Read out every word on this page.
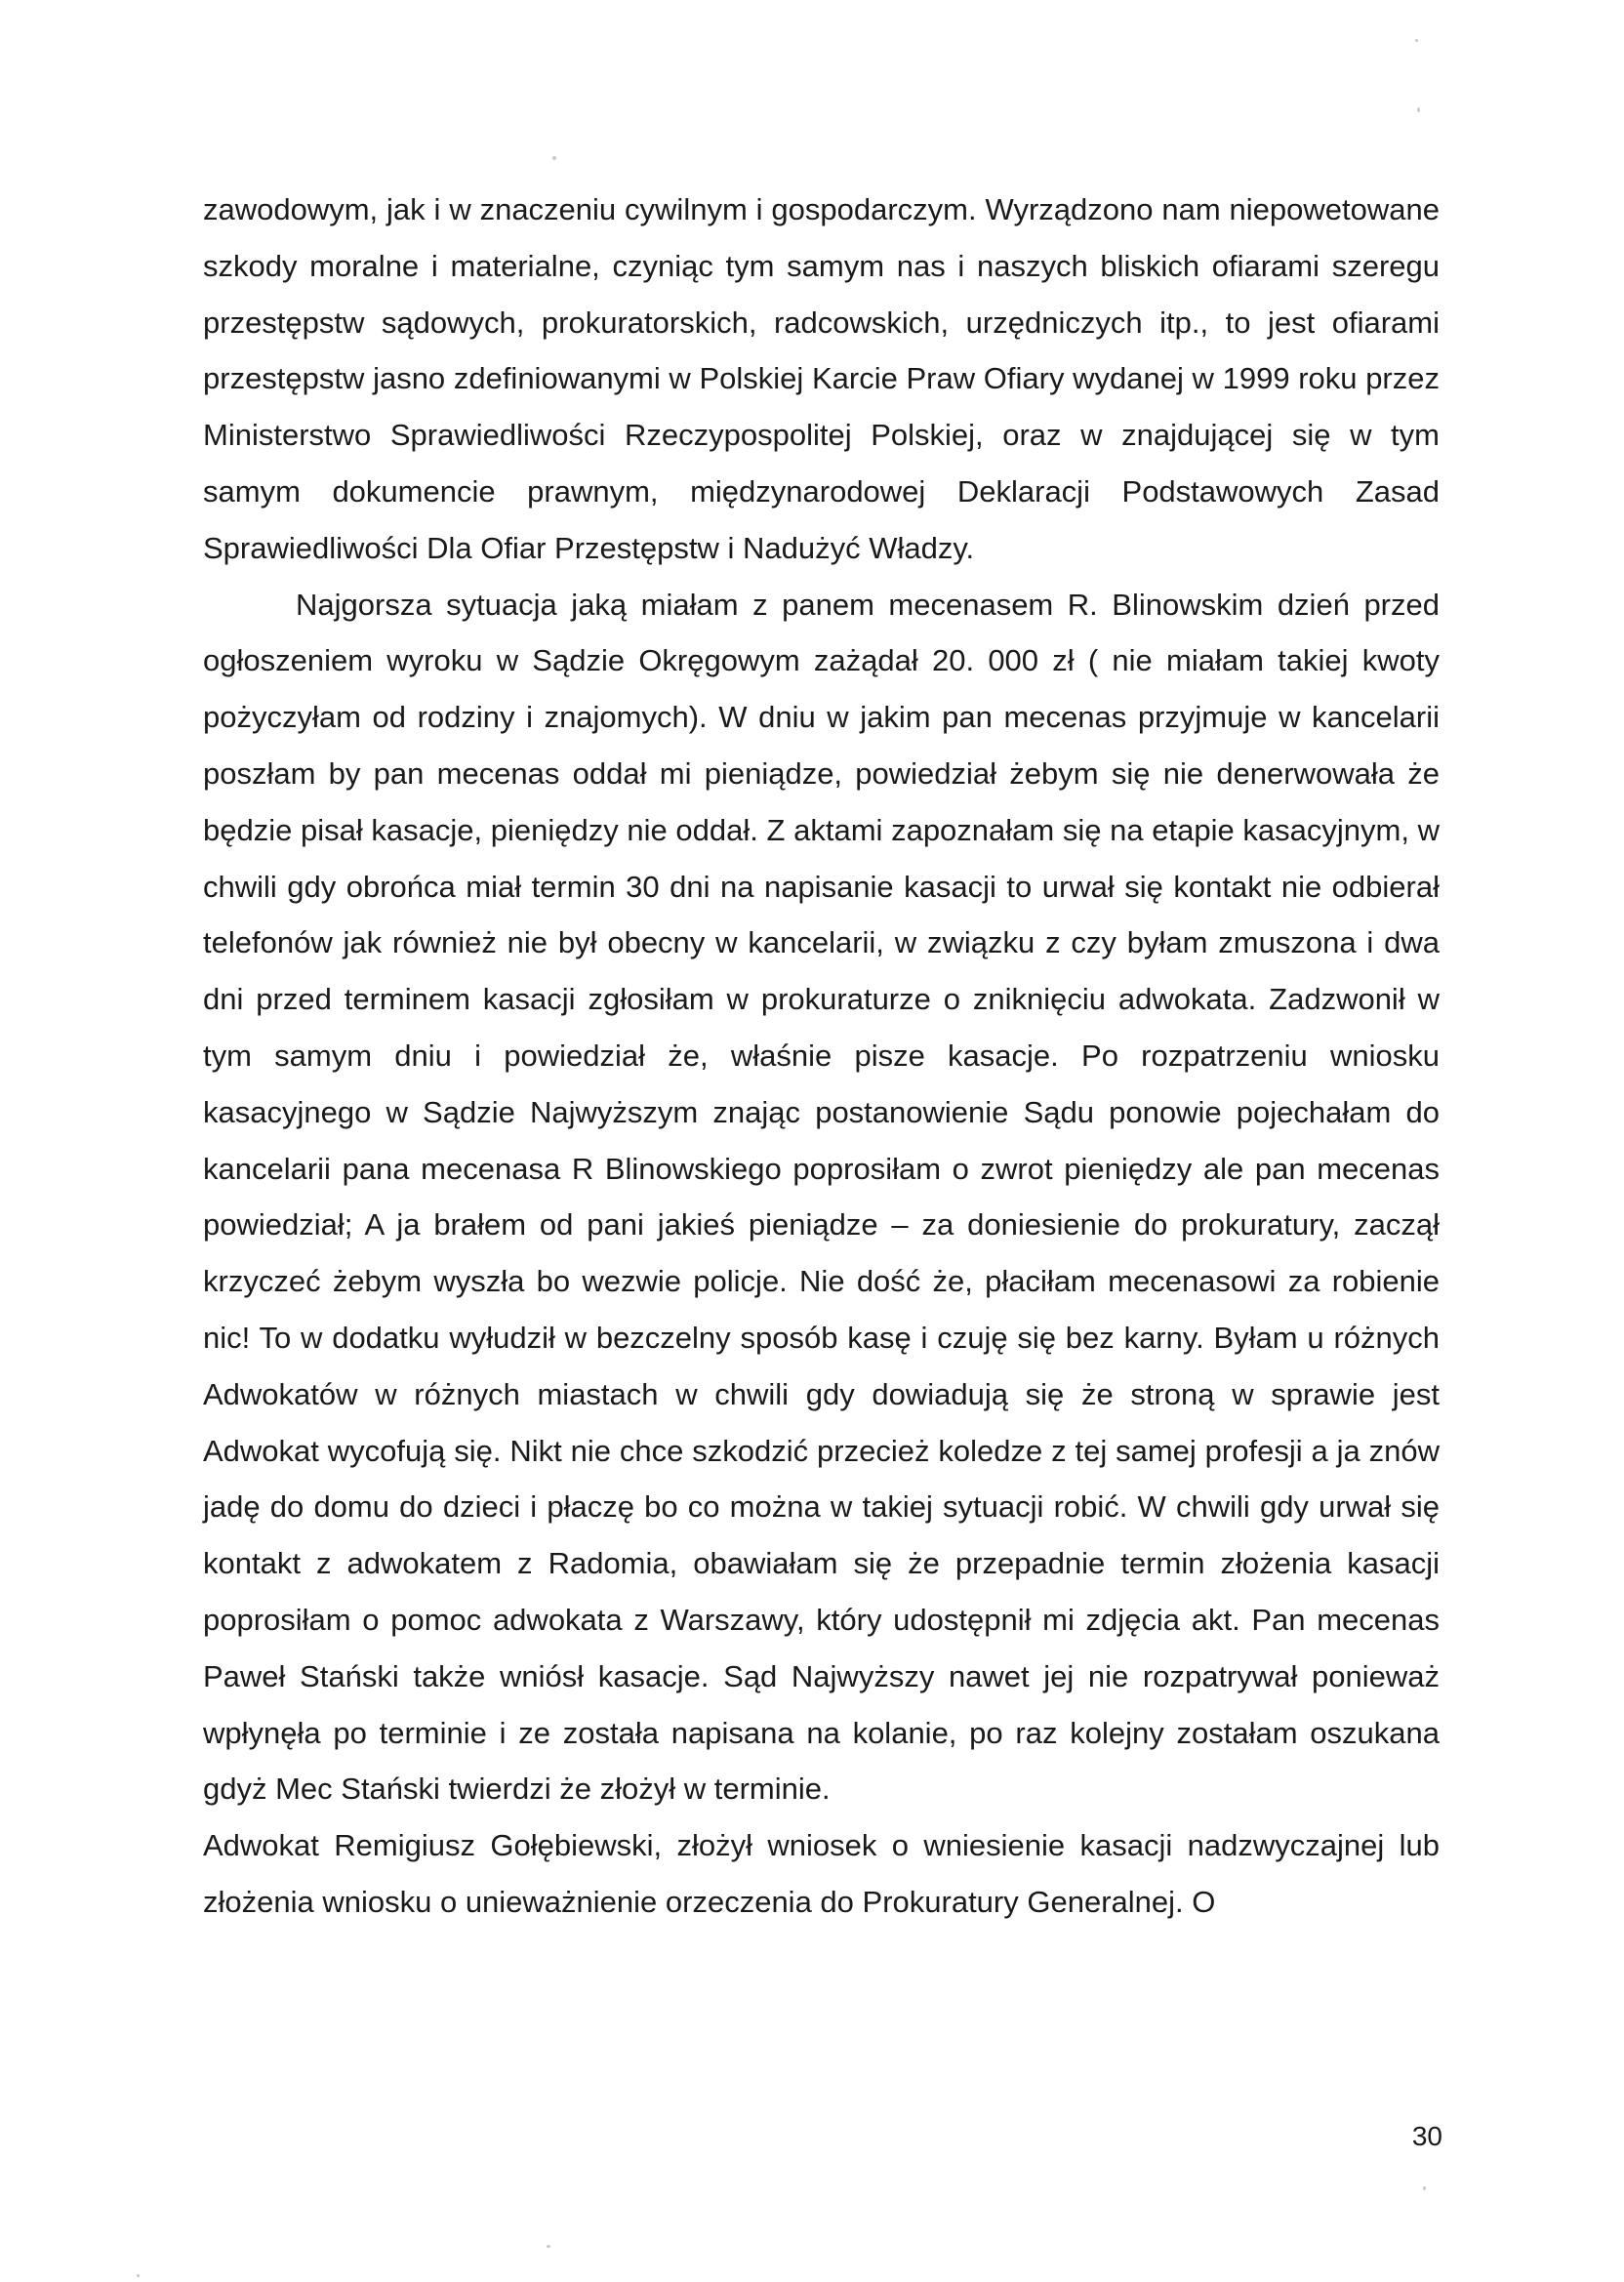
zawodowym, jak i w znaczeniu cywilnym i gospodarczym. Wyrządzono nam niepowetowane szkody moralne i materialne, czyniąc tym samym nas i naszych bliskich ofiarami szeregu przestępstw sądowych, prokuratorskich, radcowskich, urzędniczych itp., to jest ofiarami przestępstw jasno zdefiniowanymi w Polskiej Karcie Praw Ofiary wydanej w 1999 roku przez Ministerstwo Sprawiedliwości Rzeczypospolitej Polskiej, oraz w znajdującej się w tym samym dokumencie prawnym, międzynarodowej Deklaracji Podstawowych Zasad Sprawiedliwości Dla Ofiar Przestępstw i Nadużyć Władzy.

Najgorsza sytuacja jaką miałam z panem mecenasem R. Blinowskim dzień przed ogłoszeniem wyroku w Sądzie Okręgowym zażądał 20. 000 zł ( nie miałam takiej kwoty pożyczyłam od rodziny i znajomych). W dniu w jakim pan mecenas przyjmuje w kancelarii poszłam by pan mecenas oddał mi pieniądze, powiedział żebym się nie denerwowała że będzie pisał kasacje, pieniędzy nie oddał. Z aktami zapoznałam się na etapie kasacyjnym, w chwili gdy obrońca miał termin 30 dni na napisanie kasacji to urwał się kontakt nie odbierał telefonów jak również nie był obecny w kancelarii, w związku z czy byłam zmuszona i dwa dni przed terminem kasacji zgłosiłam w prokuraturze o zniknięciu adwokata. Zadzwonił w tym samym dniu i powiedział że, właśnie pisze kasacje. Po rozpatrzeniu wniosku kasacyjnego w Sądzie Najwyższym znając postanowienie Sądu ponowie pojechałam do kancelarii pana mecenasa R Blinowskiego poprosiłam o zwrot pieniędzy ale pan mecenas powiedział; A ja brałem od pani jakieś pieniądze – za doniesienie do prokuratury, zaczął krzyczeć żebym wyszła bo wezwie policje. Nie dość że, płaciłam mecenasowi za robienie nic! To w dodatku wyłudził w bezczelny sposób kasę i czuję się bez karny. Byłam u różnych Adwokatów w różnych miastach w chwili gdy dowiadują się że stroną w sprawie jest Adwokat wycofują się. Nikt nie chce szkodzić przecież koledze z tej samej profesji a ja znów jadę do domu do dzieci i płaczę bo co można w takiej sytuacji robić. W chwili gdy urwał się kontakt z adwokatem z Radomia, obawiałam się że przepadnie termin złożenia kasacji poprosiłam o pomoc adwokata z Warszawy, który udostępnił mi zdjęcia akt. Pan mecenas Paweł Stański także wniósł kasacje. Sąd Najwyższy nawet jej nie rozpatrywał ponieważ wpłynęła po terminie i ze została napisana na kolanie, po raz kolejny zostałam oszukana gdyż Mec Stański twierdzi że złożył w terminie.

Adwokat Remigiusz Gołębiewski, złożył wniosek o wniesienie kasacji nadzwyczajnej lub złożenia wniosku o unieważnienie orzeczenia do Prokuratury Generalnej. O

30
